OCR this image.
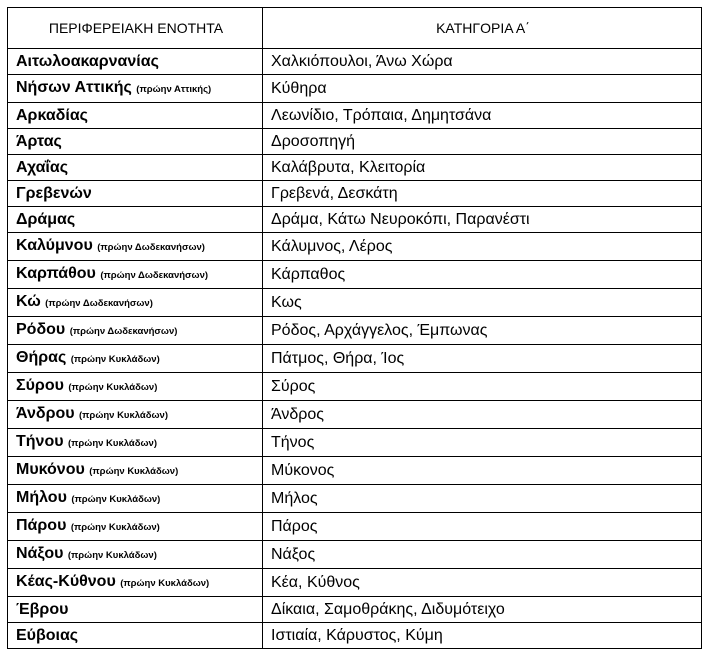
ΠΕΡΙΦΕΡΕΙΑΚΗ ΕΝΟΤΗΤΑ	ΚΑΤΗΓΟΡΙΑ Α΄
Αιτωλοακαρνανίας	Χαλκιόπουλοι, Άνω Χώρα
Νήσων Αττικής (πρώην Αττικής)	Κύθηρα
Αρκαδίας	Λεωνίδιο, Τρόπαια, Δημητσάνα
Άρτας	Δροσοπηγή
Αχαΐας	Καλάβρυτα, Κλειτορία
Γρεβενών	Γρεβενά, Δεσκάτη
Δράμας	Δράμα, Κάτω Νευροκόπι, Παρανέστι
Καλύμνου (πρώην Δωδεκανήσων)	Κάλυμνος, Λέρος
Καρπάθου (πρώην Δωδεκανήσων)	Κάρπαθος
Κώ (πρώην Δωδεκανήσων)	Κως
Ρόδου (πρώην Δωδεκανήσων)	Ρόδος, Αρχάγγελος, Έμπωνας
Θήρας (πρώην Κυκλάδων)	Πάτμος, Θήρα, Ίος
Σύρου (πρώην Κυκλάδων)	Σύρος
Άνδρου (πρώην Κυκλάδων)	Άνδρος
Τήνου (πρώην Κυκλάδων)	Τήνος
Μυκόνου (πρώην Κυκλάδων)	Μύκονος
Μήλου (πρώην Κυκλάδων)	Μήλος
Πάρου (πρώην Κυκλάδων)	Πάρος
Νάξου (πρώην Κυκλάδων)	Νάξος
Κέας-Κύθνου (πρώην Κυκλάδων)	Κέα, Κύθνος
Έβρου	Δίκαια, Σαμοθράκης, Διδυμότειχο
Εύβοιας	Ιστιαία, Κάρυστος, Κύμη
